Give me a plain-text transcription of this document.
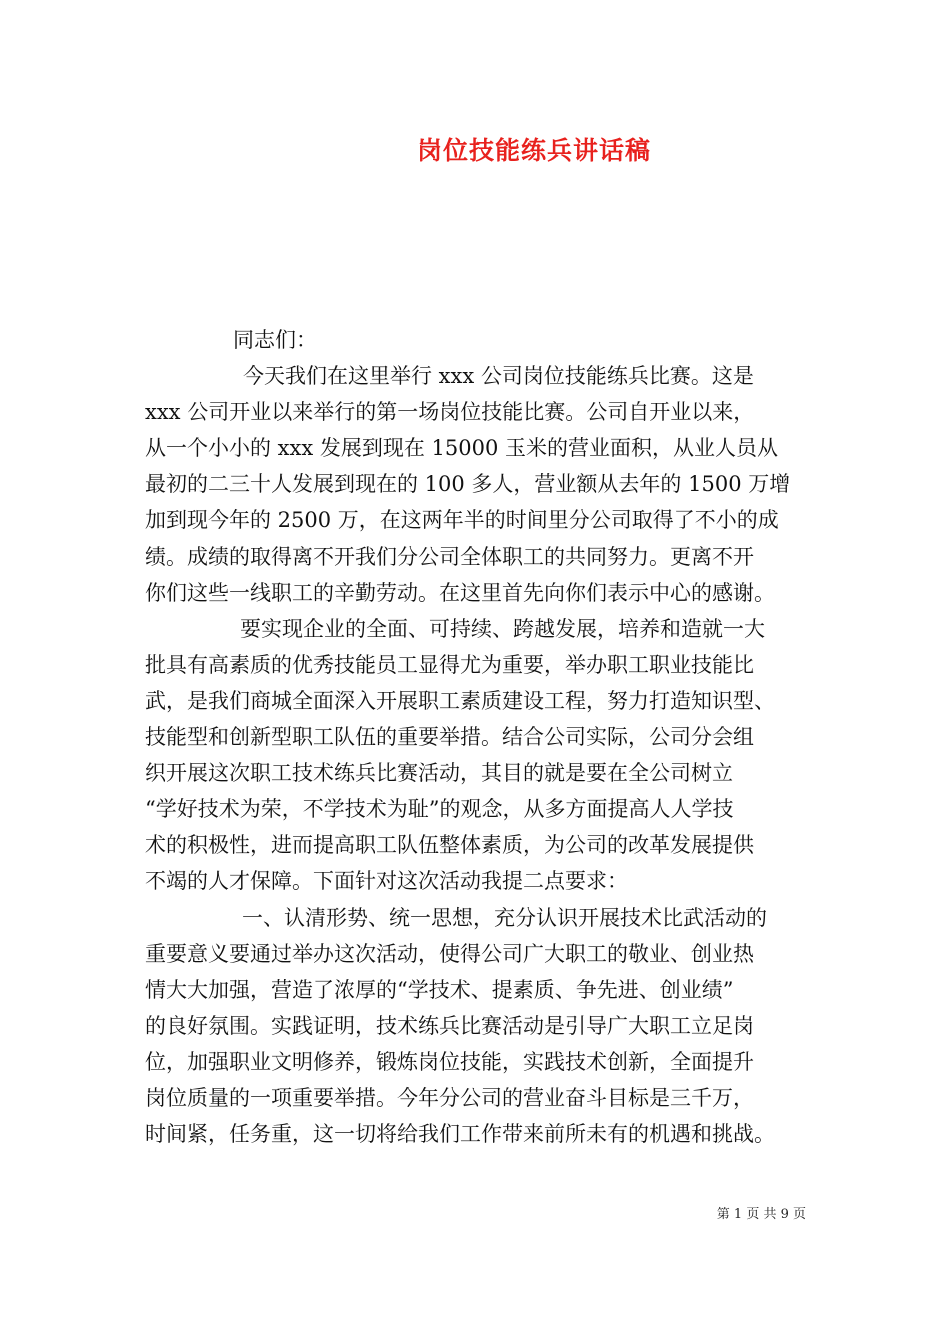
岗位技能练兵讲话稿
同志们：
今天我们在这里举行 xxx 公司岗位技能练兵比赛。这是
xxx 公司开业以来举行的第一场岗位技能比赛。公司自开业以来，
从一个小小的 xxx 发展到现在 15000 玉米的营业面积，从业人员从
最初的二三十人发展到现在的 100 多人，营业额从去年的 1500 万增
加到现今年的 2500 万，在这两年半的时间里分公司取得了不小的成
绩。成绩的取得离不开我们分公司全体职工的共同努力。更离不开
你们这些一线职工的辛勤劳动。在这里首先向你们表示中心的感谢。
要实现企业的全面、可持续、跨越发展，培养和造就一大
批具有高素质的优秀技能员工显得尤为重要，举办职工职业技能比
武，是我们商城全面深入开展职工素质建设工程，努力打造知识型、
技能型和创新型职工队伍的重要举措。结合公司实际，公司分会组
织开展这次职工技术练兵比赛活动，其目的就是要在全公司树立
“学好技术为荣，不学技术为耻”的观念，从多方面提高人人学技
术的积极性，进而提高职工队伍整体素质，为公司的改革发展提供
不竭的人才保障。下面针对这次活动我提二点要求：
一、认清形势、统一思想，充分认识开展技术比武活动的
重要意义要通过举办这次活动，使得公司广大职工的敬业、创业热
情大大加强，营造了浓厚的“学技术、提素质、争先进、创业绩”
的良好氛围。实践证明，技术练兵比赛活动是引导广大职工立足岗
位，加强职业文明修养，锻炼岗位技能，实践技术创新，全面提升
岗位质量的一项重要举措。今年分公司的营业奋斗目标是三千万，
时间紧，任务重，这一切将给我们工作带来前所未有的机遇和挑战。
第 1 页 共 9 页
